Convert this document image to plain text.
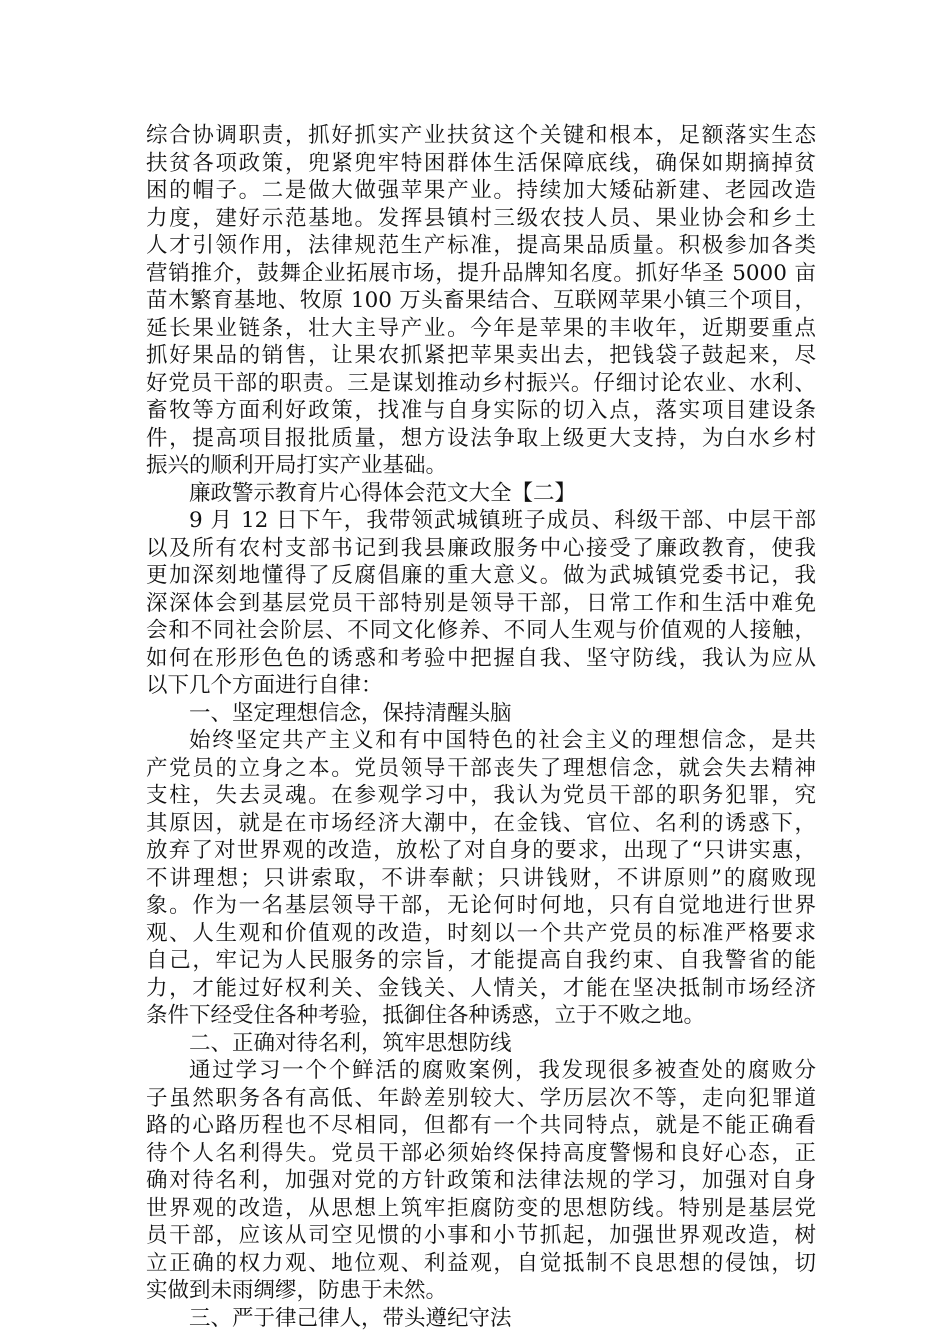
综合协调职责，抓好抓实产业扶贫这个关键和根本，足额落实生态
扶贫各项政策，兜紧兜牢特困群体生活保障底线，确保如期摘掉贫
困的帽子。二是做大做强苹果产业。持续加大矮砧新建、老园改造
力度，建好示范基地。发挥县镇村三级农技人员、果业协会和乡土
人才引领作用，法律规范生产标准，提高果品质量。积极参加各类
营销推介，鼓舞企业拓展市场，提升品牌知名度。抓好华圣 5000 亩
苗木繁育基地、牧原 100 万头畜果结合、互联网苹果小镇三个项目，
延长果业链条，壮大主导产业。今年是苹果的丰收年，近期要重点
抓好果品的销售，让果农抓紧把苹果卖出去，把钱袋子鼓起来，尽
好党员干部的职责。三是谋划推动乡村振兴。仔细讨论农业、水利、
畜牧等方面利好政策，找准与自身实际的切入点，落实项目建设条
件，提高项目报批质量，想方设法争取上级更大支持，为白水乡村
振兴的顺利开局打实产业基础。
廉政警示教育片心得体会范文大全【二】
9 月 12 日下午，我带领武城镇班子成员、科级干部、中层干部
以及所有农村支部书记到我县廉政服务中心接受了廉政教育，使我
更加深刻地懂得了反腐倡廉的重大意义。做为武城镇党委书记，我
深深体会到基层党员干部特别是领导干部，日常工作和生活中难免
会和不同社会阶层、不同文化修养、不同人生观与价值观的人接触，
如何在形形色色的诱惑和考验中把握自我、坚守防线，我认为应从
以下几个方面进行自律：
一、坚定理想信念，保持清醒头脑
始终坚定共产主义和有中国特色的社会主义的理想信念，是共
产党员的立身之本。党员领导干部丧失了理想信念，就会失去精神
支柱，失去灵魂。在参观学习中，我认为党员干部的职务犯罪，究
其原因，就是在市场经济大潮中，在金钱、官位、名利的诱惑下，
放弃了对世界观的改造，放松了对自身的要求，出现了“只讲实惠，
不讲理想；只讲索取，不讲奉献；只讲钱财，不讲原则”的腐败现
象。作为一名基层领导干部，无论何时何地，只有自觉地进行世界
观、人生观和价值观的改造，时刻以一个共产党员的标准严格要求
自己，牢记为人民服务的宗旨，才能提高自我约束、自我警省的能
力，才能过好权利关、金钱关、人情关，才能在坚决抵制市场经济
条件下经受住各种考验，抵御住各种诱惑，立于不败之地。
二、正确对待名利，筑牢思想防线
通过学习一个个鲜活的腐败案例，我发现很多被查处的腐败分
子虽然职务各有高低、年龄差别较大、学历层次不等，走向犯罪道
路的心路历程也不尽相同，但都有一个共同特点，就是不能正确看
待个人名利得失。党员干部必须始终保持高度警惕和良好心态，正
确对待名利，加强对党的方针政策和法律法规的学习，加强对自身
世界观的改造，从思想上筑牢拒腐防变的思想防线。特别是基层党
员干部，应该从司空见惯的小事和小节抓起，加强世界观改造，树
立正确的权力观、地位观、利益观，自觉抵制不良思想的侵蚀，切
实做到未雨绸缪，防患于未然。
三、严于律己律人，带头遵纪守法
